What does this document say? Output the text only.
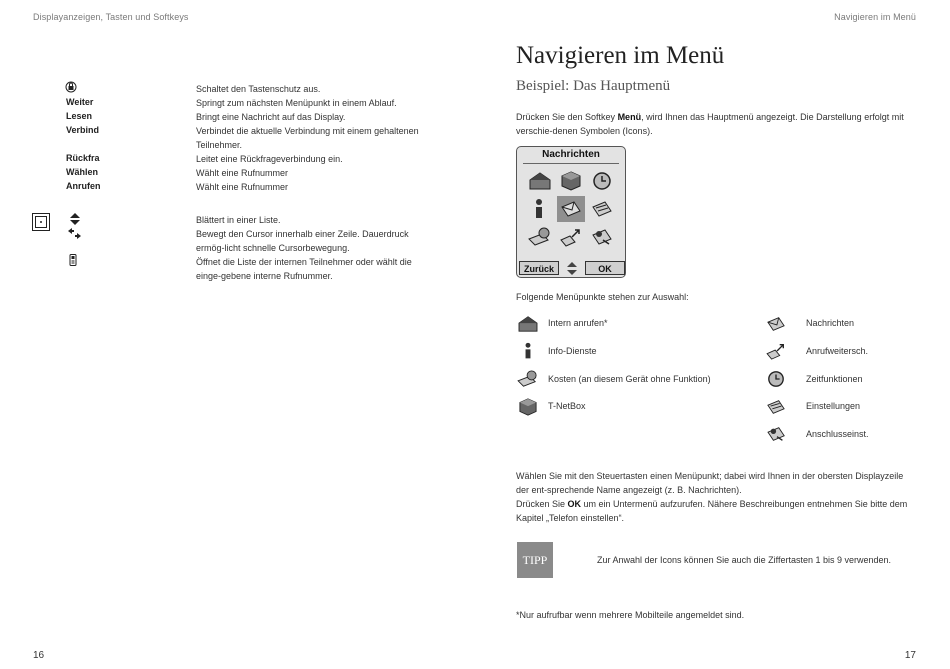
Displayanzeigen, Tasten und Softkeys
Schaltet den Tastenschutz aus.
Weiter	Springt zum nächsten Menüpunkt in einem Ablauf.
Lesen	Bringt eine Nachricht auf das Display.
Verbind	Verbindet die aktuelle Verbindung mit einem gehaltenen Teilnehmer.
Rückfra	Leitet eine Rückfrageverbindung ein.
Wählen	Wählt eine Rufnummer
Anrufen	Wählt eine Rufnummer
Blättert in einer Liste.
Bewegt den Cursor innerhalb einer Zeile. Dauerdruck ermög-licht schnelle Cursorbewegung.
Öffnet die Liste der internen Teilnehmer oder wählt die einge-gebene interne Rufnummer.
16
Navigieren im Menü
Navigieren im Menü
Beispiel: Das Hauptmenü
Drücken Sie den Softkey Menü, wird Ihnen das Hauptmenü angezeigt. Die Darstellung erfolgt mit verschie-denen Symbolen (Icons).
Nachrichten
Zurück	OK
Folgende Menüpunkte stehen zur Auswahl:
Intern anrufen*
Info-Dienste
Kosten (an diesem Gerät ohne Funktion)
T-NetBox
Nachrichten
Anrufweitersch.
Zeitfunktionen
Einstellungen
Anschlusseinst.
Wählen Sie mit den Steuertasten einen Menüpunkt; dabei wird Ihnen in der obersten Displayzeile der ent-sprechende Name angezeigt (z. B. Nachrichten).
Drücken Sie OK um ein Untermenü aufzurufen. Nähere Beschreibungen entnehmen Sie bitte dem Kapitel „Telefon einstellen“.
TIPP	Zur Anwahl der Icons können Sie auch die Ziffertasten 1 bis 9 verwenden.
*Nur aufrufbar wenn mehrere Mobilteile angemeldet sind.
17
